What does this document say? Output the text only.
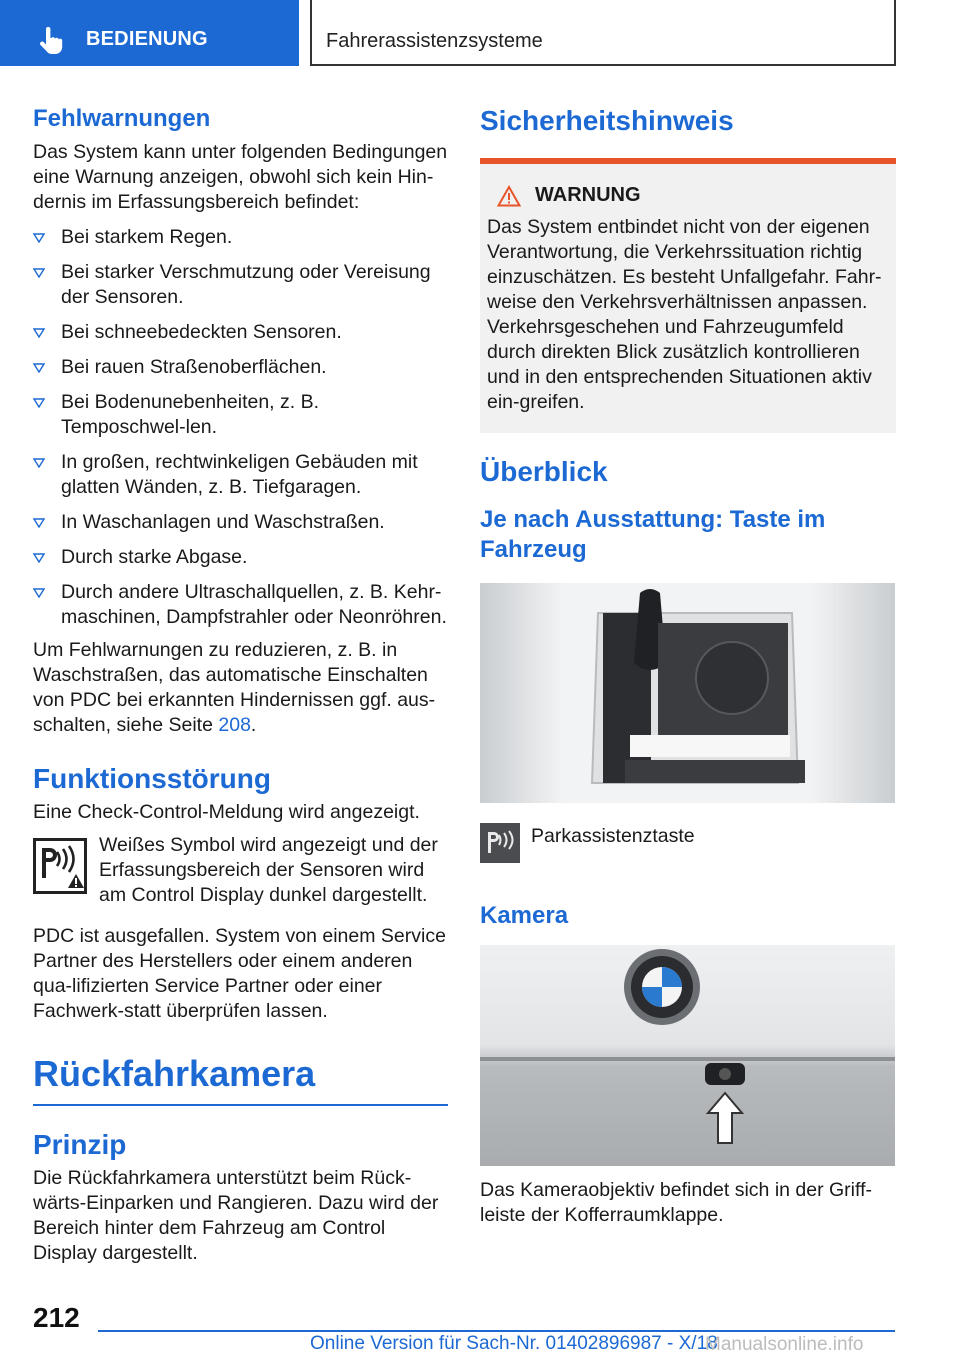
BEDIENUNG	Fahrerassistenzsysteme
Fehlwarnungen

Das System kann unter folgenden Bedingungen eine Warnung anzeigen, obwohl sich kein Hin-dernis im Erfassungsbereich befindet:

Bei starkem Regen.
Bei starker Verschmutzung oder Vereisung der Sensoren.
Bei schneebedeckten Sensoren.
Bei rauen Straßenoberflächen.
Bei Bodenunebenheiten, z. B. Temposchwel-len.
In großen, rechtwinkeligen Gebäuden mit glatten Wänden, z. B. Tiefgaragen.
In Waschanlagen und Waschstraßen.
Durch starke Abgase.
Durch andere Ultraschallquellen, z. B. Kehr-maschinen, Dampfstrahler oder Neonröhren.

Um Fehlwarnungen zu reduzieren, z. B. in Waschstraßen, das automatische Einschalten von PDC bei erkannten Hindernissen ggf. aus-schalten, siehe Seite 208.

Funktionsstörung

Eine Check-Control-Meldung wird angezeigt.

Weißes Symbol wird angezeigt und der Erfassungsbereich der Sensoren wird am Control Display dunkel dargestellt.

PDC ist ausgefallen. System von einem Service Partner des Herstellers oder einem anderen qua-lifizierten Service Partner oder einer Fachwerk-statt überprüfen lassen.

Rückfahrkamera
Prinzip

Die Rückfahrkamera unterstützt beim Rück-wärts-Einparken und Rangieren. Dazu wird der Bereich hinter dem Fahrzeug am Control Display dargestellt.

Sicherheitshinweis
WARNUNG

Das System entbindet nicht von der eigenen Verantwortung, die Verkehrssituation richtig einzuschätzen. Es besteht Unfallgefahr. Fahr-weise den Verkehrsverhältnissen anpassen. Verkehrsgeschehen und Fahrzeugumfeld durch direkten Blick zusätzlich kontrollieren und in den entsprechenden Situationen aktiv ein-greifen.

Überblick
Je nach Ausstattung: Taste im Fahrzeug

Parkassistenztaste

Kamera

Das Kameraobjektiv befindet sich in der Griff-leiste der Kofferraumklappe.

212
Online Version für Sach-Nr. 01402896987 - X/18
Manualsonline.info
